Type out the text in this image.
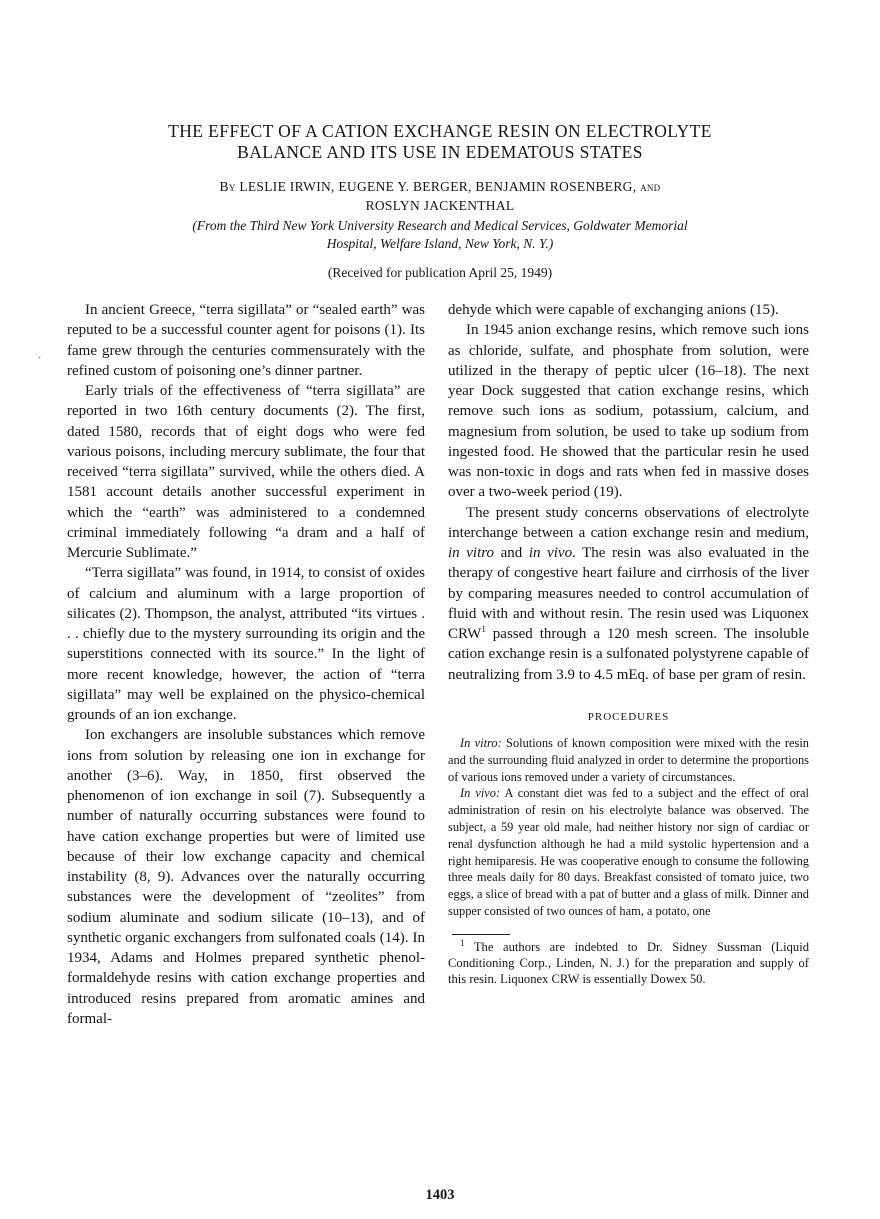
THE EFFECT OF A CATION EXCHANGE RESIN ON ELECTROLYTE
BALANCE AND ITS USE IN EDEMATOUS STATES
By LESLIE IRWIN, EUGENE Y. BERGER, BENJAMIN ROSENBERG, and
ROSLYN JACKENTHAL
(From the Third New York University Research and Medical Services, Goldwater Memorial
Hospital, Welfare Island, New York, N. Y.)
(Received for publication April 25, 1949)
·

In ancient Greece, “terra sigillata” or “sealed earth” was reputed to be a successful counter agent for poisons (1). Its fame grew through the centuries commensurately with the refined custom of poisoning one’s dinner partner.

Early trials of the effectiveness of “terra sigillata” are reported in two 16th century documents (2). The first, dated 1580, records that of eight dogs who were fed various poisons, including mercury sublimate, the four that received “terra sigillata” survived, while the others died. A 1581 account details another successful experiment in which the “earth” was administered to a condemned criminal immediately following “a dram and a half of Mercurie Sublimate.”

“Terra sigillata” was found, in 1914, to consist of oxides of calcium and aluminum with a large proportion of silicates (2). Thompson, the analyst, attributed “its virtues . . . chiefly due to the mystery surrounding its origin and the superstitions connected with its source.” In the light of more recent knowledge, however, the action of “terra sigillata” may well be explained on the physico-chemical grounds of an ion exchange.

Ion exchangers are insoluble substances which remove ions from solution by releasing one ion in exchange for another (3–6). Way, in 1850, first observed the phenomenon of ion exchange in soil (7). Subsequently a number of naturally occurring substances were found to have cation exchange properties but were of limited use because of their low exchange capacity and chemical instability (8, 9). Advances over the naturally occurring substances were the development of “zeolites” from sodium aluminate and sodium silicate (10–13), and of synthetic organic exchangers from sulfonated coals (14). In 1934, Adams and Holmes prepared synthetic phenol-formaldehyde resins with cation exchange properties and introduced resins prepared from aromatic amines and formal-

dehyde which were capable of exchanging anions (15).

In 1945 anion exchange resins, which remove such ions as chloride, sulfate, and phosphate from solution, were utilized in the therapy of peptic ulcer (16–18). The next year Dock suggested that cation exchange resins, which remove such ions as sodium, potassium, calcium, and magnesium from solution, be used to take up sodium from ingested food. He showed that the particular resin he used was non-toxic in dogs and rats when fed in massive doses over a two-week period (19).

The present study concerns observations of electrolyte interchange between a cation exchange resin and medium, in vitro and in vivo. The resin was also evaluated in the therapy of congestive heart failure and cirrhosis of the liver by comparing measures needed to control accumulation of fluid with and without resin. The resin used was Liquonex CRW$^1$ passed through a 120 mesh screen. The insoluble cation exchange resin is a sulfonated polystyrene capable of neutralizing from 3.9 to 4.5 mEq. of base per gram of resin.

PROCEDURES

In vitro: Solutions of known composition were mixed with the resin and the surrounding fluid analyzed in order to determine the proportions of various ions removed under a variety of circumstances.

In vivo: A constant diet was fed to a subject and the effect of oral administration of resin on his electrolyte balance was observed. The subject, a 59 year old male, had neither history nor sign of cardiac or renal dysfunction although he had a mild systolic hypertension and a right hemiparesis. He was cooperative enough to consume the following three meals daily for 80 days. Breakfast consisted of tomato juice, two eggs, a slice of bread with a pat of butter and a glass of milk. Dinner and supper consisted of two ounces of ham, a potato, one

$^1$ The authors are indebted to Dr. Sidney Sussman (Liquid Conditioning Corp., Linden, N. J.) for the preparation and supply of this resin. Liquonex CRW is essentially Dowex 50.

1403
